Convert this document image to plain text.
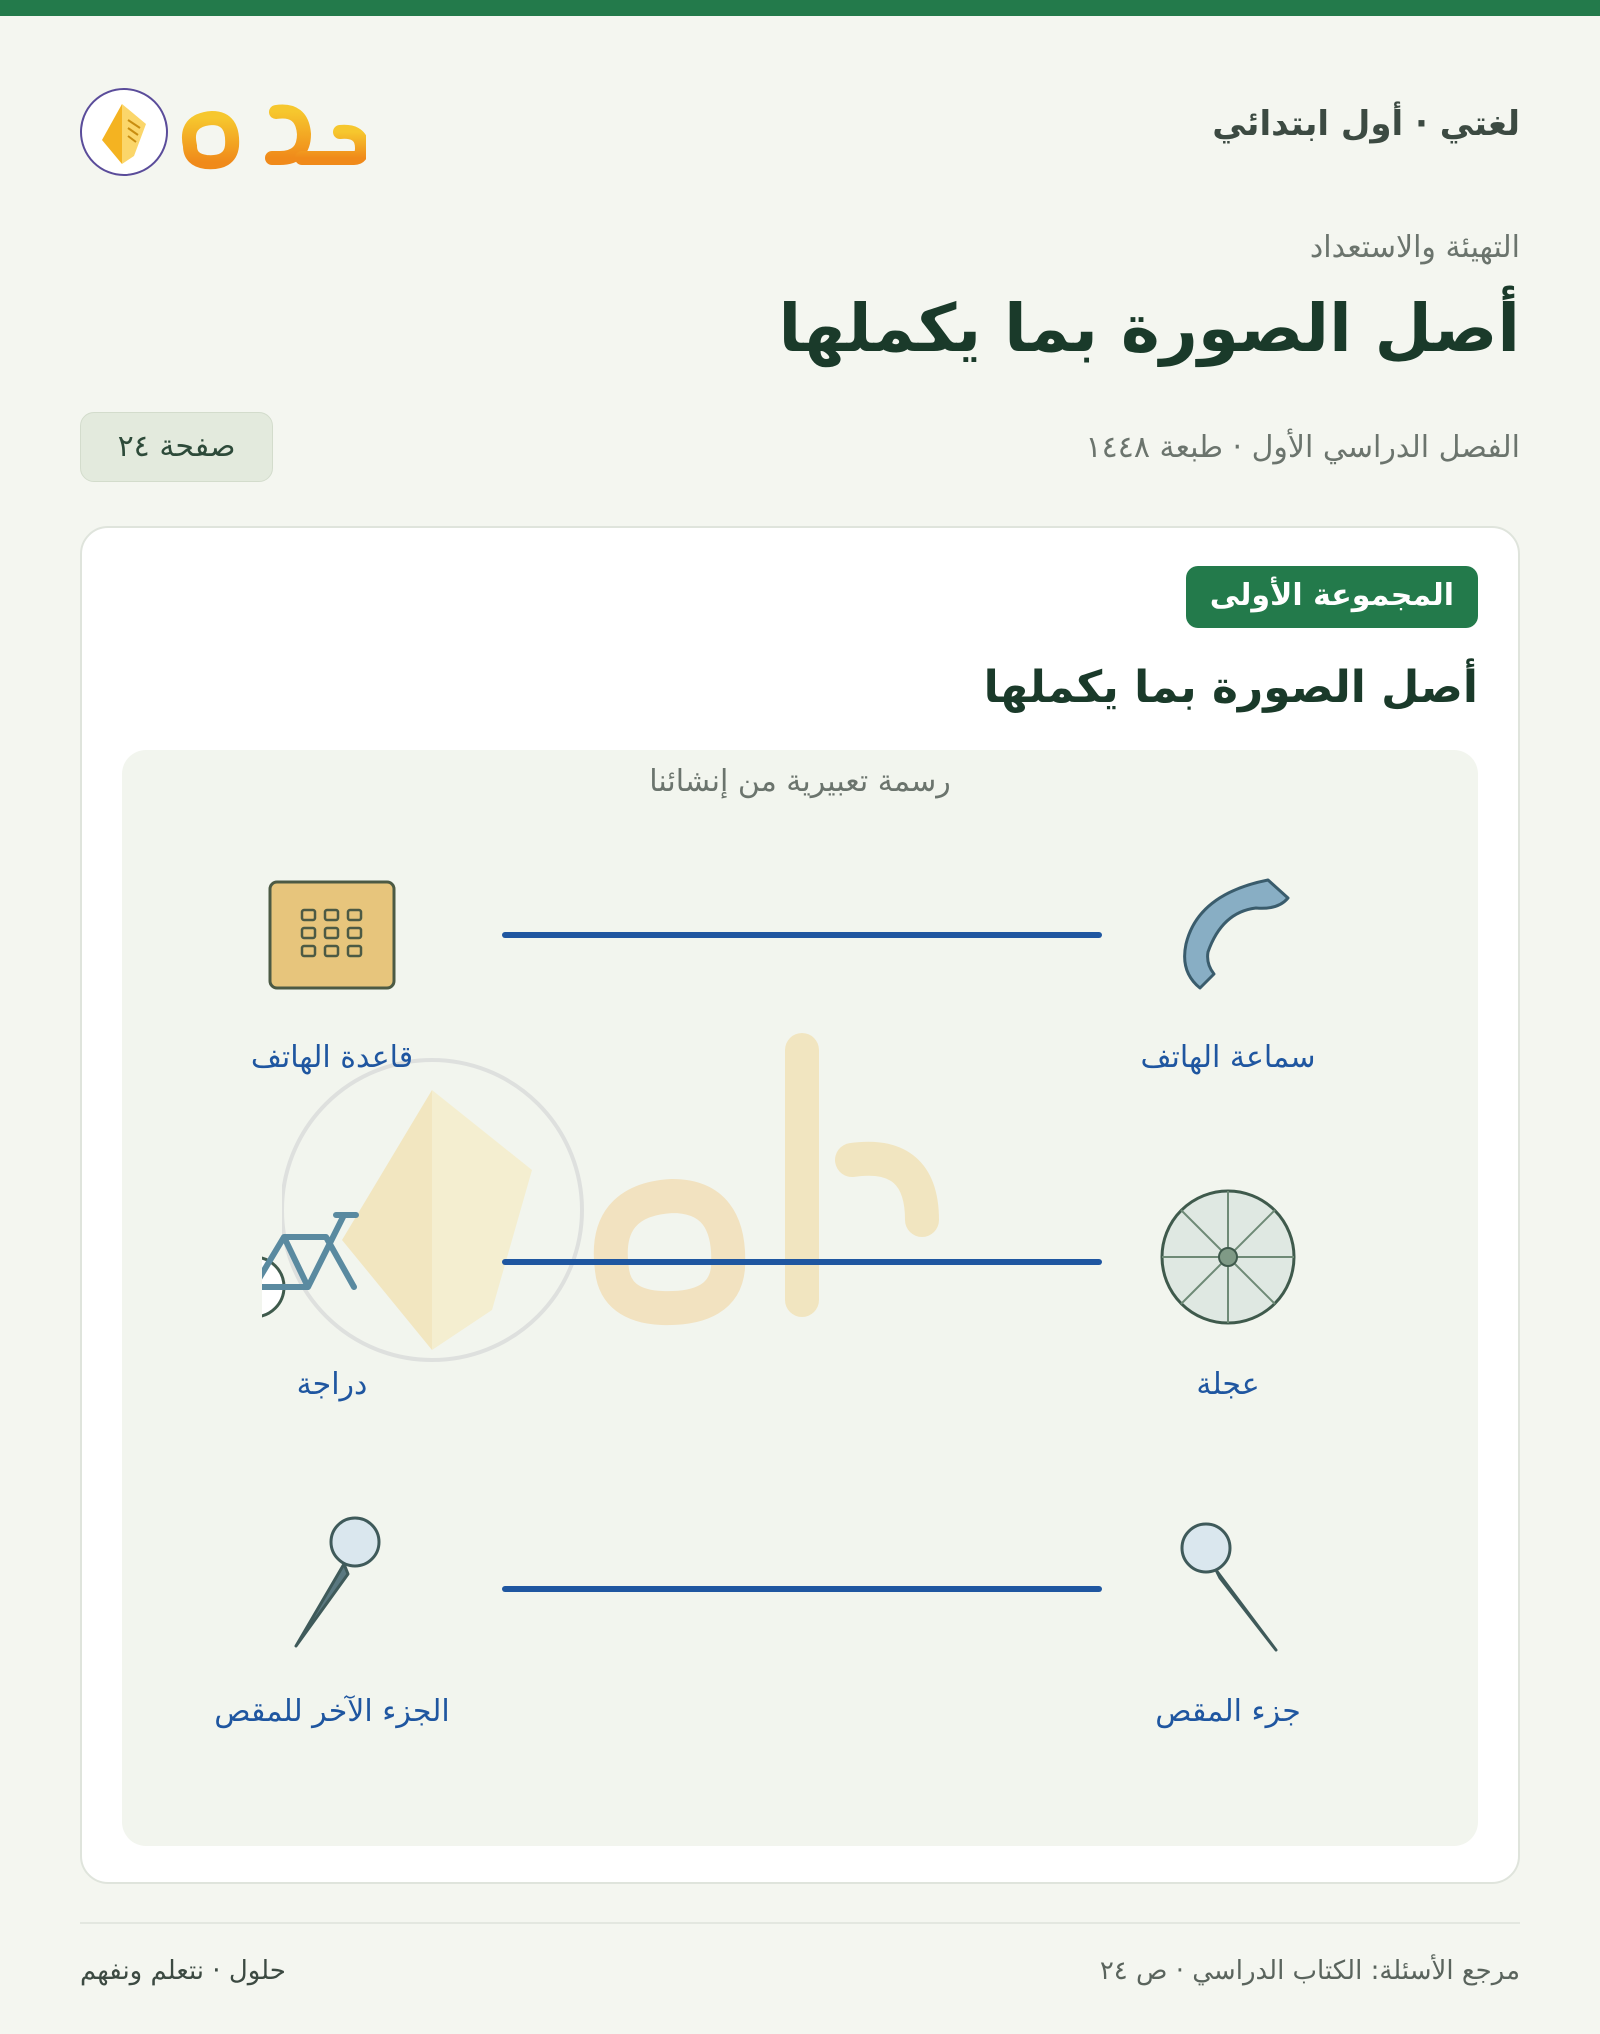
لغتي · أول ابتدائي
التهيئة والاستعداد
أصل الصورة بما يكملها
الفصل الدراسي الأول · طبعة ١٤٤٨
صفحة ٢٤
المجموعة الأولى
أصل الصورة بما يكملها
رسمة تعبيرية من إنشائنا
سماعة الهاتف
قاعدة الهاتف
عجلة
دراجة
جزء المقص
الجزء الآخر للمقص
مرجع الأسئلة: الكتاب الدراسي · ص ٢٤
حلول · نتعلم ونفهم
